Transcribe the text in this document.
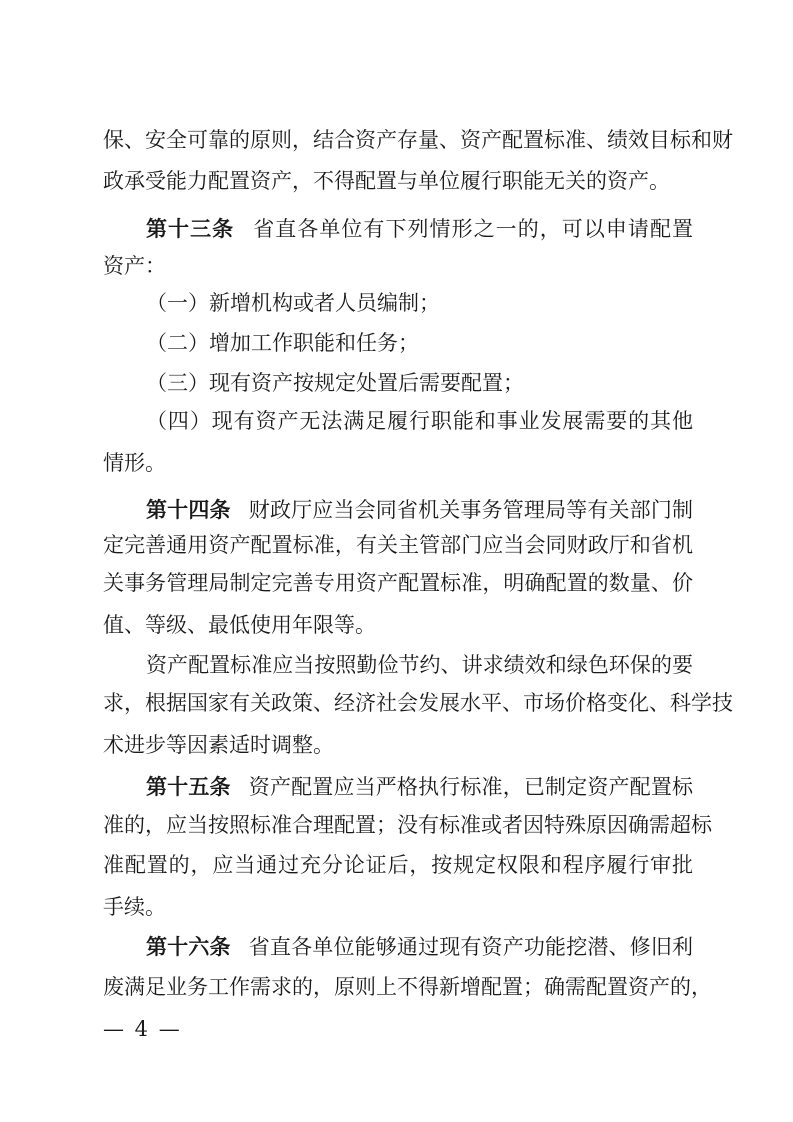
保、安全可靠的原则，结合资产存量、资产配置标准、绩效目标和财
政承受能力配置资产，不得配置与单位履行职能无关的资产。
第十三条 省直各单位有下列情形之一的，可以申请配置
资产：
（一）新增机构或者人员编制；
（二）增加工作职能和任务；
（三）现有资产按规定处置后需要配置；
（四）现有资产无法满足履行职能和事业发展需要的其他
情形。
第十四条 财政厅应当会同省机关事务管理局等有关部门制
定完善通用资产配置标准，有关主管部门应当会同财政厅和省机
关事务管理局制定完善专用资产配置标准，明确配置的数量、价
值、等级、最低使用年限等。
资产配置标准应当按照勤俭节约、讲求绩效和绿色环保的要
求，根据国家有关政策、经济社会发展水平、市场价格变化、科学技
术进步等因素适时调整。
第十五条 资产配置应当严格执行标准，已制定资产配置标
准的，应当按照标准合理配置；没有标准或者因特殊原因确需超标
准配置的，应当通过充分论证后，按规定权限和程序履行审批
手续。
第十六条 省直各单位能够通过现有资产功能挖潜、修旧利
废满足业务工作需求的，原则上不得新增配置；确需配置资产的，
— 4 —
